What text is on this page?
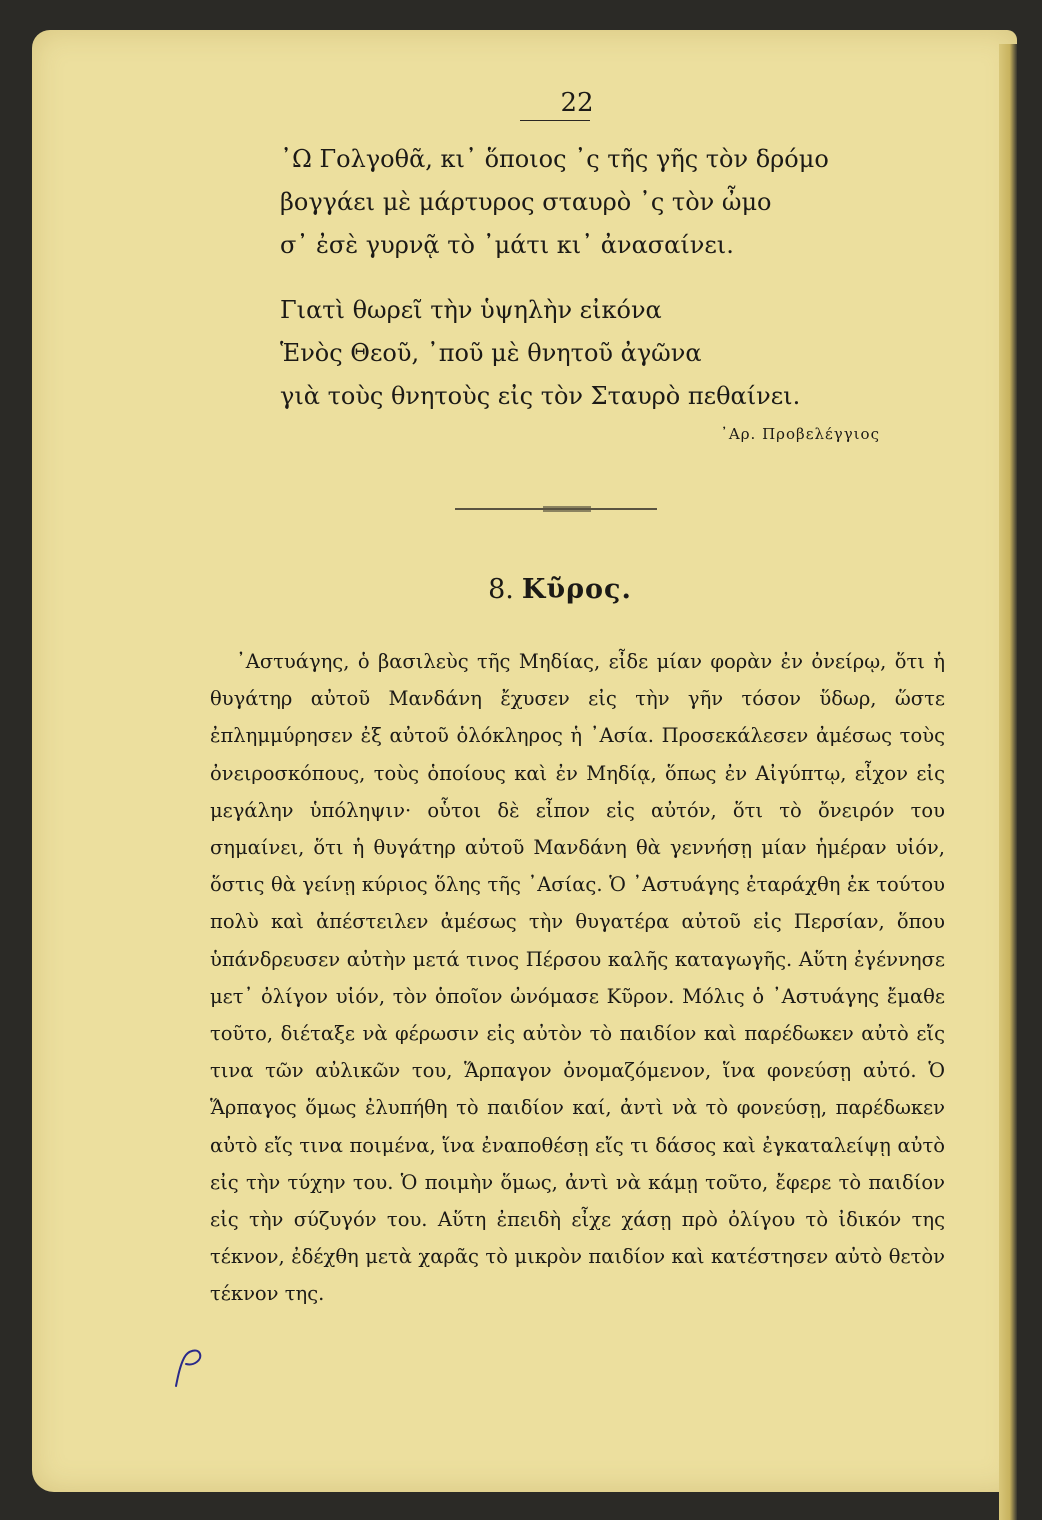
22
᾽Ω Γολγοθᾶ, κι᾽ ὅποιος ᾽ς τῆς γῆς τὸν δρόμο
βογγάει μὲ μάρτυρος σταυρὸ ᾽ς τὸν ὦμο
σ᾽ ἐσὲ γυρνᾷ τὸ ᾽μάτι κι᾽ ἀνασαίνει.
Γιατὶ θωρεῖ τὴν ὑψηλὴν εἰκόνα
Ἑνὸς Θεοῦ, ᾽ποῦ μὲ θνητοῦ ἀγῶνα
γιὰ τοὺς θνητοὺς εἰς τὸν Σταυρὸ πεθαίνει.
᾽Αρ. Προβελέγγιος
8. Κῦρος.
᾽Αστυάγης, ὁ βασιλεὺς τῆς Μηδίας, εἶδε μίαν φορὰν ἐν ὀνείρῳ, ὅτι ἡ θυγάτηρ αὐτοῦ Μανδάνη ἔχυσεν εἰς τὴν γῆν τόσον ὕδωρ, ὥστε ἐπλημμύρησεν ἐξ αὐτοῦ ὁλόκληρος ἡ ᾽Ασία. Προσεκάλεσεν ἀμέσως τοὺς ὀνειροσκόπους, τοὺς ὁποίους καὶ ἐν Μηδίᾳ, ὅπως ἐν Αἰγύπτῳ, εἶχον εἰς μεγάλην ὑπόληψιν· οὗτοι δὲ εἶπον εἰς αὐτόν, ὅτι τὸ ὄνειρόν του σημαίνει, ὅτι ἡ θυγάτηρ αὐτοῦ Μανδάνη θὰ γεννήσῃ μίαν ἡμέραν υἱόν, ὅστις θὰ γείνῃ κύριος ὅλης τῆς ᾽Ασίας. Ὁ ᾽Αστυάγης ἐταράχθη ἐκ τούτου πολὺ καὶ ἀπέστειλεν ἀμέσως τὴν θυγατέρα αὐτοῦ εἰς Περσίαν, ὅπου ὑπάνδρευσεν αὐτὴν μετά τινος Πέρσου καλῆς καταγωγῆς. Αὕτη ἐγέννησε μετ᾽ ὀλίγον υἱόν, τὸν ὁποῖον ὠνόμασε Κῦρον. Μόλις ὁ ᾽Αστυάγης ἔμαθε τοῦτο, διέταξε νὰ φέρωσιν εἰς αὐτὸν τὸ παιδίον καὶ παρέδωκεν αὐτὸ εἴς τινα τῶν αὐλικῶν του, Ἅρπαγον ὀνομαζόμενον, ἵνα φονεύσῃ αὐτό. Ὁ Ἅρπαγος ὅμως ἐλυπήθη τὸ παιδίον καί, ἀντὶ νὰ τὸ φονεύσῃ, παρέδωκεν αὐτὸ εἴς τινα ποιμένα, ἵνα ἐναποθέσῃ εἴς τι δάσος καὶ ἐγκαταλείψῃ αὐτὸ εἰς τὴν τύχην του. Ὁ ποιμὴν ὅμως, ἀντὶ νὰ κάμῃ τοῦτο, ἔφερε τὸ παιδίον εἰς τὴν σύζυγόν του. Αὕτη ἐπειδὴ εἶχε χάσῃ πρὸ ὀλίγου τὸ ἰδικόν της τέκνον, ἐδέχθη μετὰ χαρᾶς τὸ μικρὸν παιδίον καὶ κατέστησεν αὐτὸ θετὸν τέκνον της.
